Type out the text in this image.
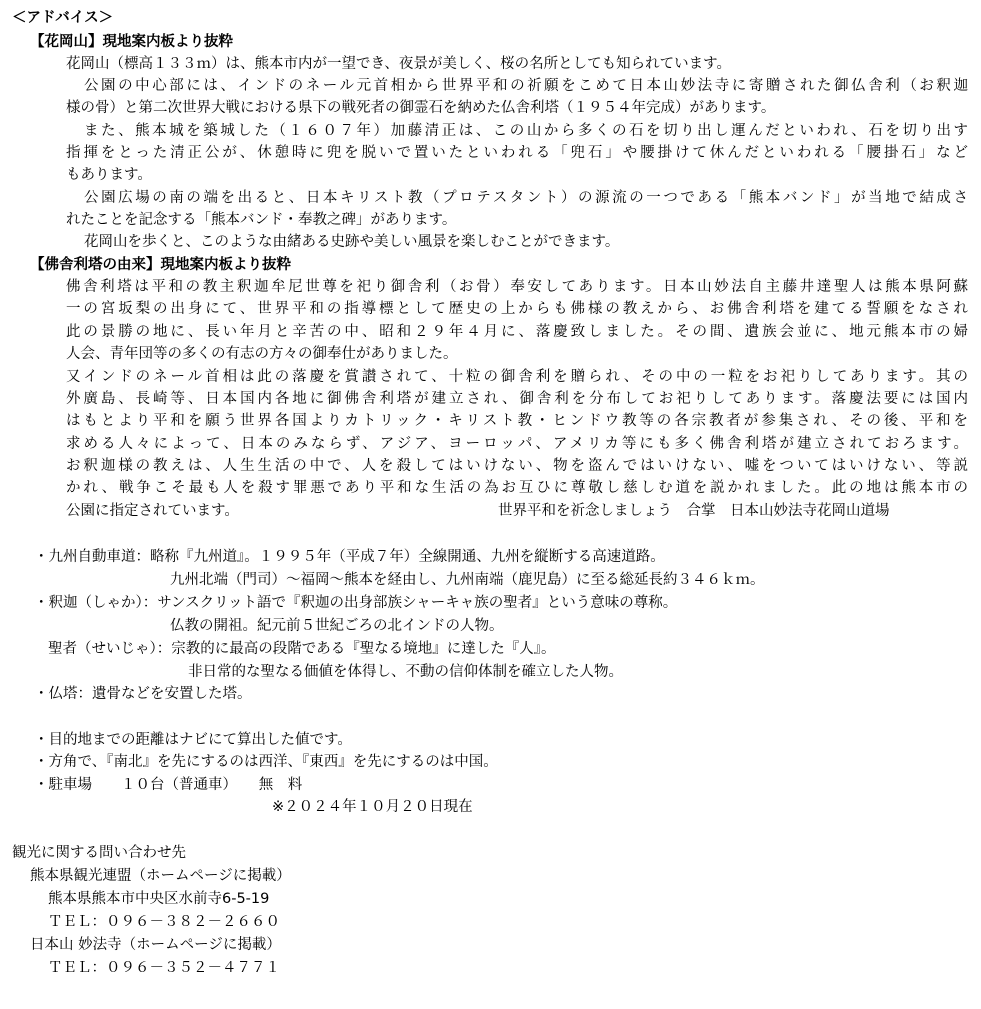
＜アドバイス＞
【花岡山】現地案内板より抜粋
花岡山（標高１３３ｍ）は、熊本市内が一望でき、夜景が美しく、桜の名所としても知られています。
公園の中心部には、インドのネール元首相から世界平和の祈願をこめて日本山妙法寺に寄贈された御仏舎利（お釈迦
様の骨）と第二次世界大戦における県下の戦死者の御霊石を納めた仏舎利塔（１９５４年完成）があります。
また、熊本城を築城した（１６０７年）加藤清正は、この山から多くの石を切り出し運んだといわれ、石を切り出す
指揮をとった清正公が、休憩時に兜を脱いで置いたといわれる「兜石」や腰掛けて休んだといわれる「腰掛石」など
もあります。
公園広場の南の端を出ると、日本キリスト教（プロテスタント）の源流の一つである「熊本バンド」が当地で結成さ
れたことを記念する「熊本バンド・奉教之碑」があります。
花岡山を歩くと、このような由緒ある史跡や美しい風景を楽しむことができます。
【佛舎利塔の由来】現地案内板より抜粋
佛舎利塔は平和の教主釈迦牟尼世尊を祀り御舎利（お骨）奉安してあります。日本山妙法自主藤井達聖人は熊本県阿蘇
一の宮坂梨の出身にて、世界平和の指導標として歴史の上からも佛様の教えから、お佛舎利塔を建てる誓願をなされ
此の景勝の地に、長い年月と辛苦の中、昭和２９年４月に、落慶致しました。その間、遺族会並に、地元熊本市の婦
人会、青年団等の多くの有志の方々の御奉仕がありました。
又インドのネール首相は此の落慶を賞讃されて、十粒の御舎利を贈られ、その中の一粒をお祀りしてあります。其の
外廣島、長崎等、日本国内各地に御佛舎利塔が建立され、御舎利を分布してお祀りしてあります。落慶法要には国内
はもとより平和を願う世界各国よりカトリック・キリスト教・ヒンドウ教等の各宗教者が参集され、その後、平和を
求める人々によって、日本のみならず、アジア、ヨーロッパ、アメリカ等にも多く佛舎利塔が建立されておろます。
お釈迦様の教えは、人生生活の中で、人を殺してはいけない、物を盗んではいけない、嘘をついてはいけない、等説
かれ、戦争こそ最も人を殺す罪悪であり平和な生活の為お互ひに尊敬し慈しむ道を説かれました。此の地は熊本市の
公園に指定されています。	世界平和を祈念しましょう　合掌　日本山妙法寺花岡山道場
・九州自動車道：略称『九州道』。１９９５年（平成７年）全線開通、九州を縦断する高速道路。
九州北端（門司）～福岡～熊本を経由し、九州南端（鹿児島）に至る総延長約３４６ｋｍ。
・釈迦（しゃか）：サンスクリット語で『釈迦の出身部族シャーキャ族の聖者』という意味の尊称。
仏教の開祖。紀元前５世紀ごろの北インドの人物。
聖者（せいじゃ）：宗教的に最高の段階である『聖なる境地』に達した『人』。
非日常的な聖なる価値を体得し、不動の信仰体制を確立した人物。
・仏塔：遺骨などを安置した塔。
・目的地までの距離はナビにて算出した値です。
・方角で、『南北』を先にするのは西洋、『東西』を先にするのは中国。
・駐車場　　１０台（普通車）　　無　料
※２０２４年１０月２０日現在
観光に関する問い合わせ先
熊本県観光連盟（ホームページに掲載）
熊本県熊本市中央区水前寺6-5-19
ＴＥＬ：０９６－３８２－２６６０
日本山 妙法寺（ホームページに掲載）
ＴＥＬ：０９６－３５２－４７７１
